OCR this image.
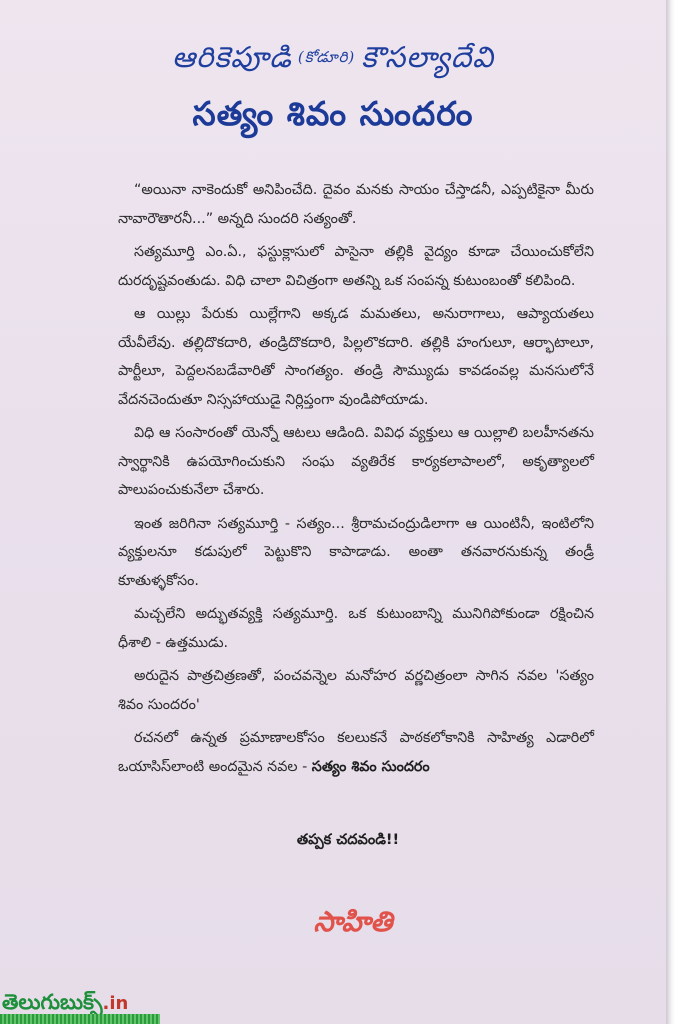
ఆరికెపూడి (కోడూరి) కౌసల్యాదేవి
సత్యం శివం సుందరం

“అయినా నాకెందుకో అనిపించేది. దైవం మనకు సాయం చేస్తాడనీ, ఎప్పటికైనా మీరు నావారౌతారనీ...” అన్నది సుందరి సత్యంతో.

సత్యమూర్తి ఎం.ఏ., ఫస్టుక్లాసులో పాసైనా తల్లికి వైద్యం కూడా చేయించుకోలేని దురదృష్టవంతుడు. విధి చాలా విచిత్రంగా అతన్ని ఒక సంపన్న కుటుంబంతో కలిపింది.

ఆ యిల్లు పేరుకు యిల్లేగాని అక్కడ మమతలు, అనురాగాలు, ఆప్యాయతలు యేవీలేవు. తల్లిదొకదారి, తండ్రిదొకదారి, పిల్లలొకదారి. తల్లికి హంగులూ, ఆర్భాటాలూ, పార్టీలూ, పెద్దలనబడేవారితో సాంగత్యం. తండ్రి సౌమ్యుడు కావడంవల్ల మనసులోనే వేదనచెందుతూ నిస్సహాయుడై నిర్లిప్తంగా వుండిపోయాడు.

విధి ఆ సంసారంతో యెన్నో ఆటలు ఆడింది. వివిధ వ్యక్తులు ఆ యిల్లాలి బలహీనతను స్వార్థానికి ఉపయోగించుకుని సంఘ వ్యతిరేక కార్యకలాపాలలో, అకృత్యాలలో పాలుపంచుకునేలా చేశారు.

ఇంత జరిగినా సత్యమూర్తి - సత్యం... శ్రీరామచంద్రుడిలాగా ఆ యింటినీ, ఇంటిలోని వ్యక్తులనూ కడుపులో పెట్టుకొని కాపాడాడు. అంతా తనవారనుకున్న తండ్రీ కూతుళ్ళకోసం.

మచ్చలేని అద్భుతవ్యక్తి సత్యమూర్తి. ఒక కుటుంబాన్ని మునిగిపోకుండా రక్షించిన ధీశాలి - ఉత్తముడు.

అరుదైన పాత్రచిత్రణతో, పంచవన్నెల మనోహర వర్ణచిత్రంలా సాగిన నవల 'సత్యం శివం సుందరం'

రచనలో ఉన్నత ప్రమాణాలకోసం కలలుకనే పాఠకలోకానికి సాహిత్య ఎడారిలో ఒయాసిస్‌లాంటి అందమైన నవల - సత్యం శివం సుందరం

తప్పక చదవండి!!
సాహితి
తెలుగుబుక్స్.in
